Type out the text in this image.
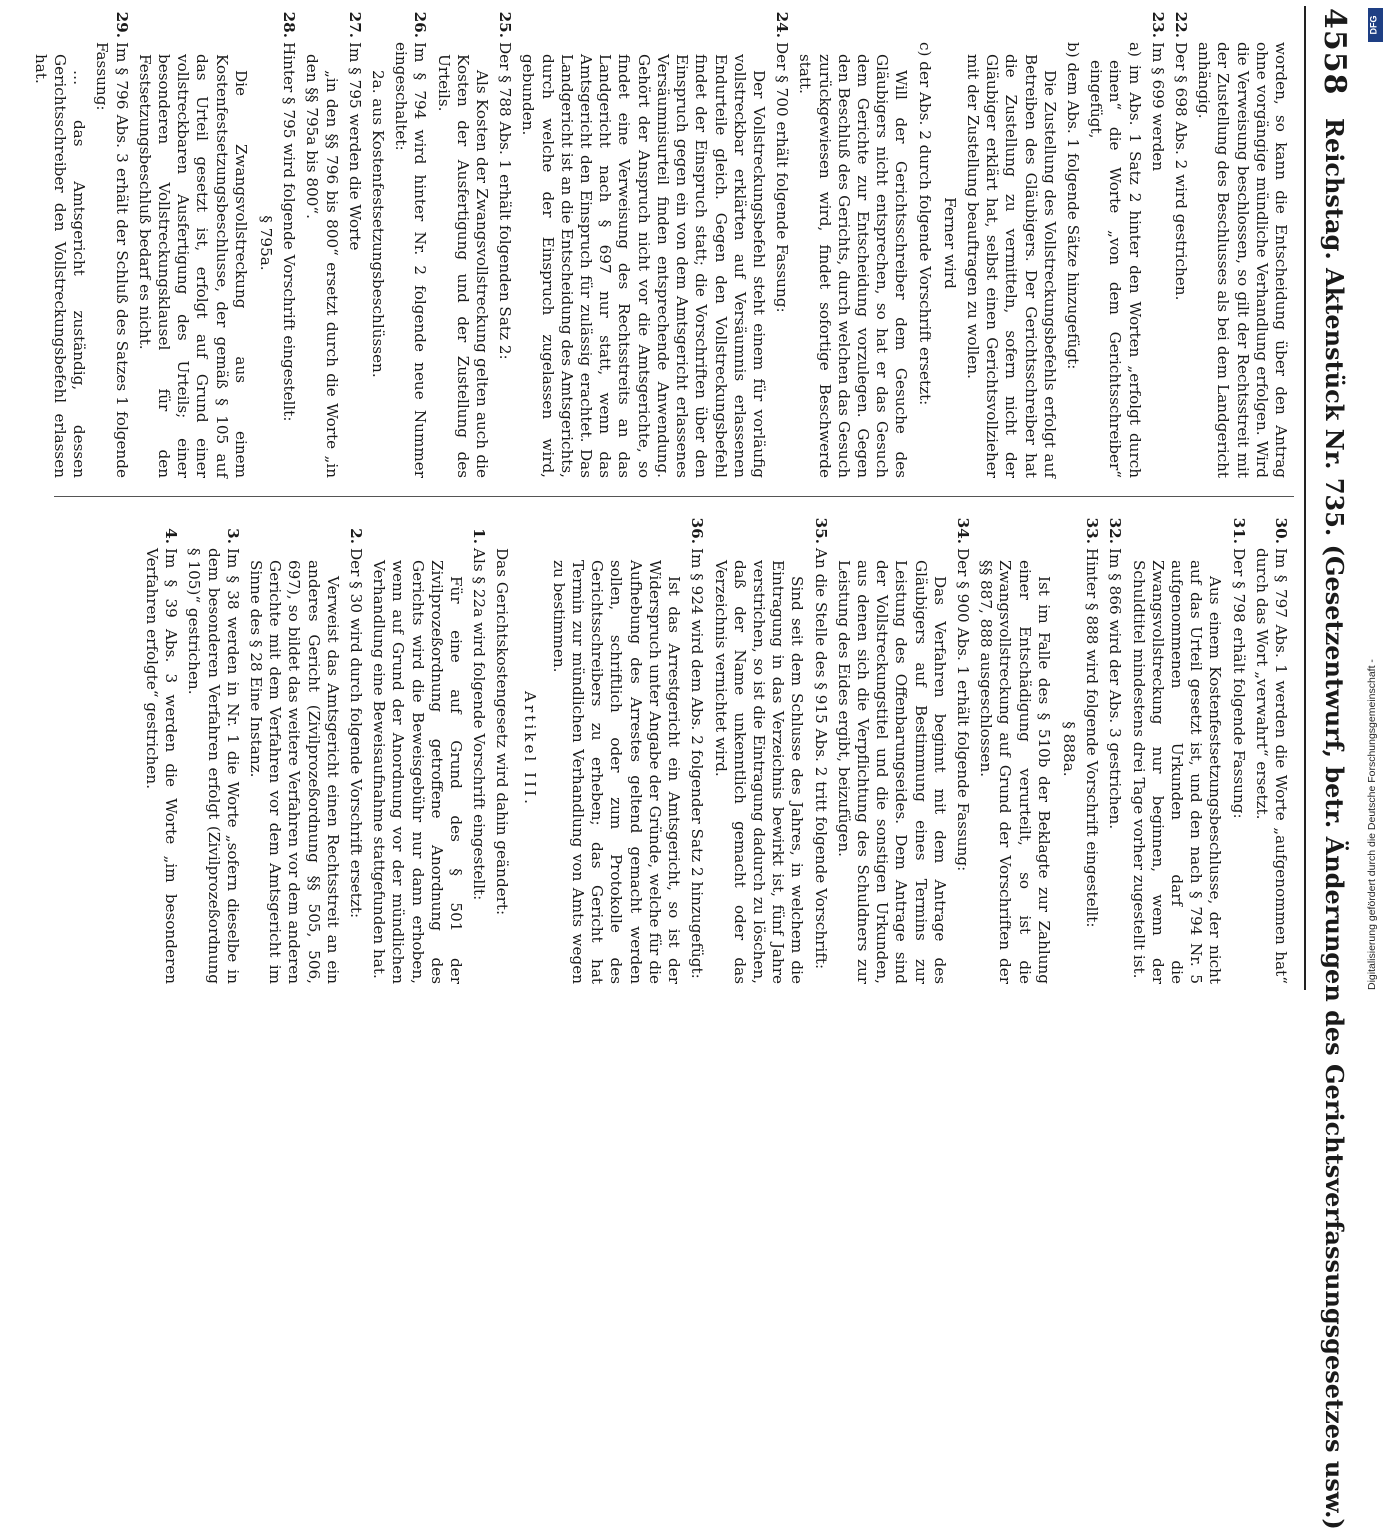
4558
Reichstag. Aktenstück Nr. 735. (Gesetzentwurf, betr. Änderungen des Gerichtsverfassungsgesetzes usw.)
worden, so kann die Entscheidung über den Antrag ohne vorgängige mündliche Verhandlung erfolgen. Wird die Verweisung beschlossen, so gilt der Rechtsstreit mit der Zustellung des Beschlusses als bei dem Landgericht anhängig.
22.
Der § 698 Abs. 2 wird gestrichen.
23.
Im § 699 werden
a) im Abs. 1 Satz 2 hinter den Worten „erfolgt durch einen“ die Worte „von dem Gerichtsschreiber“ eingefügt,
b) dem Abs. 1 folgende Sätze hinzugefügt:
Die Zustellung des Vollstreckungsbefehls erfolgt auf Betreiben des Gläubigers. Der Gerichtsschreiber hat die Zustellung zu vermitteln, sofern nicht der Gläubiger erklärt hat, selbst einen Gerichtsvollzieher mit der Zustellung beauftragen zu wollen.
Ferner wird
c) der Abs. 2 durch folgende Vorschrift ersetzt:
Will der Gerichtsschreiber dem Gesuche des Gläubigers nicht entsprechen, so hat er das Gesuch dem Gerichte zur Entscheidung vorzulegen. Gegen den Beschluß des Gerichts, durch welchen das Gesuch zurückgewiesen wird, findet sofortige Beschwerde statt.
24.
Der § 700 erhält folgende Fassung:
Der Vollstreckungsbefehl steht einem für vorläufig vollstreckbar erklärten auf Versäumnis erlassenen Endurteile gleich. Gegen den Vollstreckungsbefehl findet der Einspruch statt; die Vorschriften über den Einspruch gegen ein von dem Amtsgericht erlassenes Versäumnisurteil finden entsprechende Anwendung. Gehört der Anspruch nicht vor die Amtsgerichte, so findet eine Verweisung des Rechtsstreits an das Landgericht nach § 697 nur statt, wenn das Amtsgericht den Einspruch für zulässig erachtet. Das Landgericht ist an die Entscheidung des Amtsgerichts, durch welche der Einspruch zugelassen wird, gebunden.
25.
Der § 788 Abs. 1 erhält folgenden Satz 2:
Als Kosten der Zwangsvollstreckung gelten auch die Kosten der Ausfertigung und der Zustellung des Urteils.
26.
Im § 794 wird hinter Nr. 2 folgende neue Nummer eingeschaltet:
2a. aus Kostenfestsetzungsbeschlüssen.
27.
Im § 795 werden die Worte
„in den §§ 796 bis 800“ ersetzt durch die Worte „in den §§ 795a bis 800“.
28.
Hinter § 795 wird folgende Vorschrift eingestellt:
§ 795a.
Die Zwangsvollstreckung aus einem Kostenfestsetzungsbeschlusse, der gemäß § 105 auf das Urteil gesetzt ist, erfolgt auf Grund einer vollstreckbaren Ausfertigung des Urteils; einer besonderen Vollstreckungsklausel für den Festsetzungsbeschluß bedarf es nicht.
29.
Im § 796 Abs. 3 erhält der Schluß des Satzes 1 folgende Fassung:
… das Amtsgericht zuständig, dessen Gerichtsschreiber den Vollstreckungsbefehl erlassen hat.
30.
Im § 797 Abs. 1 werden die Worte „aufgenommen hat“ durch das Wort „verwahrt“ ersetzt.
31.
Der § 798 erhält folgende Fassung:
Aus einem Kostenfestsetzungsbeschlusse, der nicht auf das Urteil gesetzt ist, und den nach § 794 Nr. 5 aufgenommenen Urkunden darf die Zwangsvollstreckung nur beginnen, wenn der Schuldtitel mindestens drei Tage vorher zugestellt ist.
32.
Im § 866 wird der Abs. 3 gestrichen.
33.
Hinter § 888 wird folgende Vorschrift eingestellt:
§ 888a.
Ist im Falle des § 510b der Beklagte zur Zahlung einer Entschädigung verurteilt, so ist die Zwangsvollstreckung auf Grund der Vorschriften der §§ 887, 888 ausgeschlossen.
34.
Der § 900 Abs. 1 erhält folgende Fassung:
Das Verfahren beginnt mit dem Antrage des Gläubigers auf Bestimmung eines Termins zur Leistung des Offenbarungseides. Dem Antrage sind der Vollstreckungstitel und die sonstigen Urkunden, aus denen sich die Verpflichtung des Schuldners zur Leistung des Eides ergibt, beizufügen.
35.
An die Stelle des § 915 Abs. 2 tritt folgende Vorschrift:
Sind seit dem Schlusse des Jahres, in welchem die Eintragung in das Verzeichnis bewirkt ist, fünf Jahre verstrichen, so ist die Eintragung dadurch zu löschen, daß der Name unkenntlich gemacht oder das Verzeichnis vernichtet wird.
36.
Im § 924 wird dem Abs. 2 folgender Satz 2 hinzugefügt:
Ist das Arrestgericht ein Amtsgericht, so ist der Widerspruch unter Angabe der Gründe, welche für die Aufhebung des Arrestes geltend gemacht werden sollen, schriftlich oder zum Protokolle des Gerichtsschreibers zu erheben; das Gericht hat Termin zur mündlichen Verhandlung von Amts wegen zu bestimmen.
Artikel III.
Das Gerichtskostengesetz wird dahin geändert:
1.
Als § 22a wird folgende Vorschrift eingestellt:
Für eine auf Grund des § 501 der Zivilprozeßordnung getroffene Anordnung des Gerichts wird die Beweisgebühr nur dann erhoben, wenn auf Grund der Anordnung vor der mündlichen Verhandlung eine Beweisaufnahme stattgefunden hat.
2.
Der § 30 wird durch folgende Vorschrift ersetzt:
Verweist das Amtsgericht einen Rechtsstreit an ein anderes Gericht (Zivilprozeßordnung §§ 505, 506, 697), so bildet das weitere Verfahren vor dem anderen Gerichte mit dem Verfahren vor dem Amtsgericht im Sinne des § 28 Eine Instanz.
3.
Im § 38 werden in Nr. 1 die Worte „sofern dieselbe in dem besonderen Verfahren erfolgt (Zivilprozeßordnung § 105)“ gestrichen.
4.
Im § 39 Abs. 3 werden die Worte „im besonderen Verfahren erfolgte“ gestrichen.	Digitalisierung gefördert durch die Deutsche Forschungsgemeinschaft -
DFG
